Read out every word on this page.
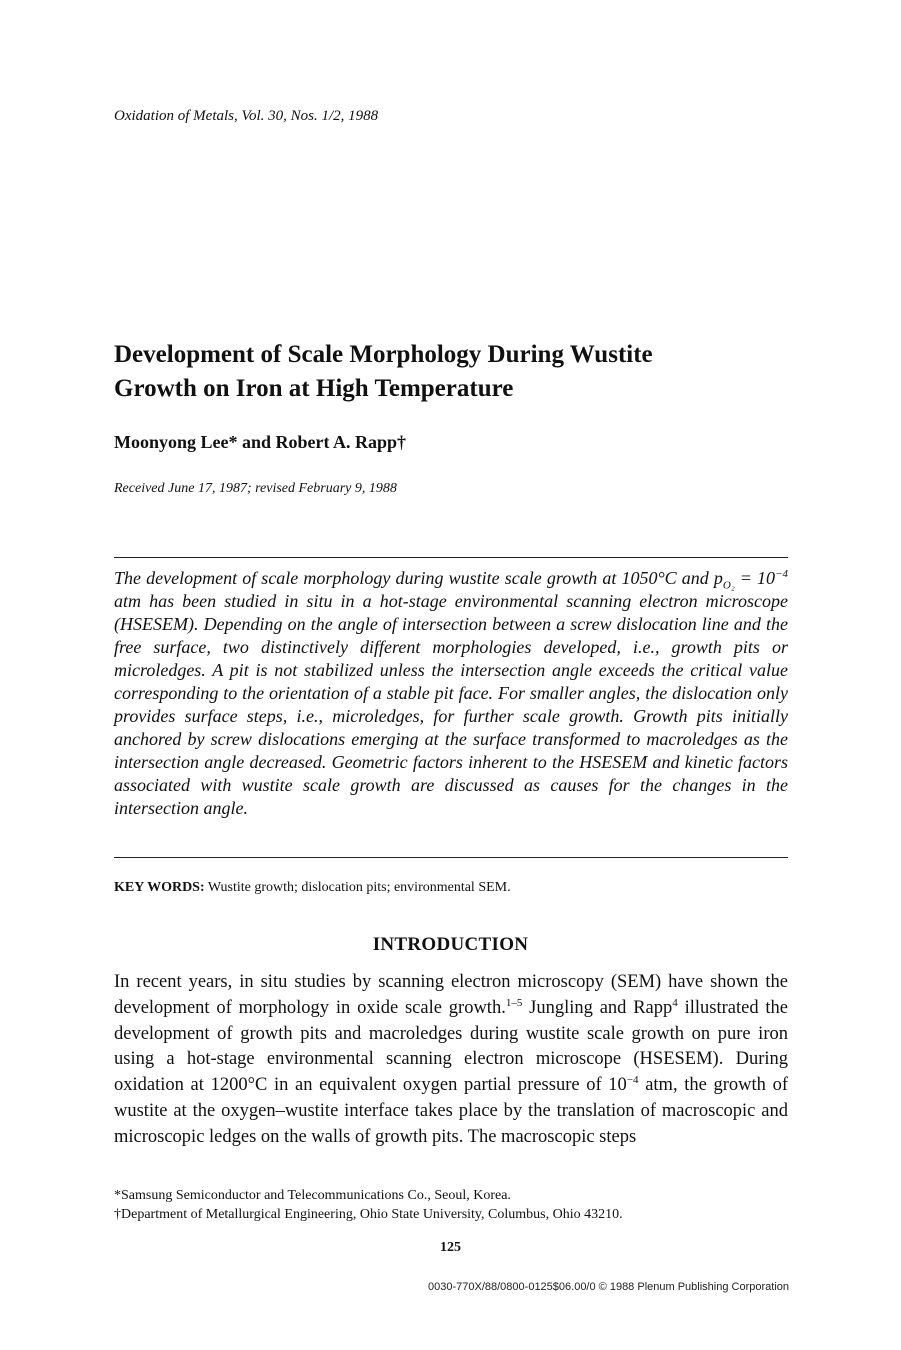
Oxidation of Metals, Vol. 30, Nos. 1/2, 1988
Development of Scale Morphology During Wustite
Growth on Iron at High Temperature
Moonyong Lee* and Robert A. Rapp†
Received June 17, 1987; revised February 9, 1988

The development of scale morphology during wustite scale growth at 1050°C and $p_{O_2} = 10^{-4}$ atm has been studied in situ in a hot-stage environmental scanning electron microscope (HSESEM). Depending on the angle of intersection between a screw dislocation line and the free surface, two distinctively different morphologies developed, i.e., growth pits or microledges. A pit is not stabilized unless the intersection angle exceeds the critical value corresponding to the orientation of a stable pit face. For smaller angles, the dislocation only provides surface steps, i.e., microledges, for further scale growth. Growth pits initially anchored by screw dislocations emerging at the surface transformed to macroledges as the intersection angle decreased. Geometric factors inherent to the HSESEM and kinetic factors associated with wustite scale growth are discussed as causes for the changes in the intersection angle.

KEY WORDS: Wustite growth; dislocation pits; environmental SEM.
INTRODUCTION

In recent years, in situ studies by scanning electron microscopy (SEM) have shown the development of morphology in oxide scale growth.$^{1-5}$ Jungling and Rapp$^4$ illustrated the development of growth pits and macroledges during wustite scale growth on pure iron using a hot-stage environmental scanning electron microscope (HSESEM). During oxidation at 1200°C in an equivalent oxygen partial pressure of $10^{-4}$ atm, the growth of wustite at the oxygen–wustite interface takes place by the translation of macroscopic and microscopic ledges on the walls of growth pits. The macroscopic steps

*Samsung Semiconductor and Telecommunications Co., Seoul, Korea.
†Department of Metallurgical Engineering, Ohio State University, Columbus, Ohio 43210.
125
0030-770X/88/0800-0125$06.00/0 © 1988 Plenum Publishing Corporation
